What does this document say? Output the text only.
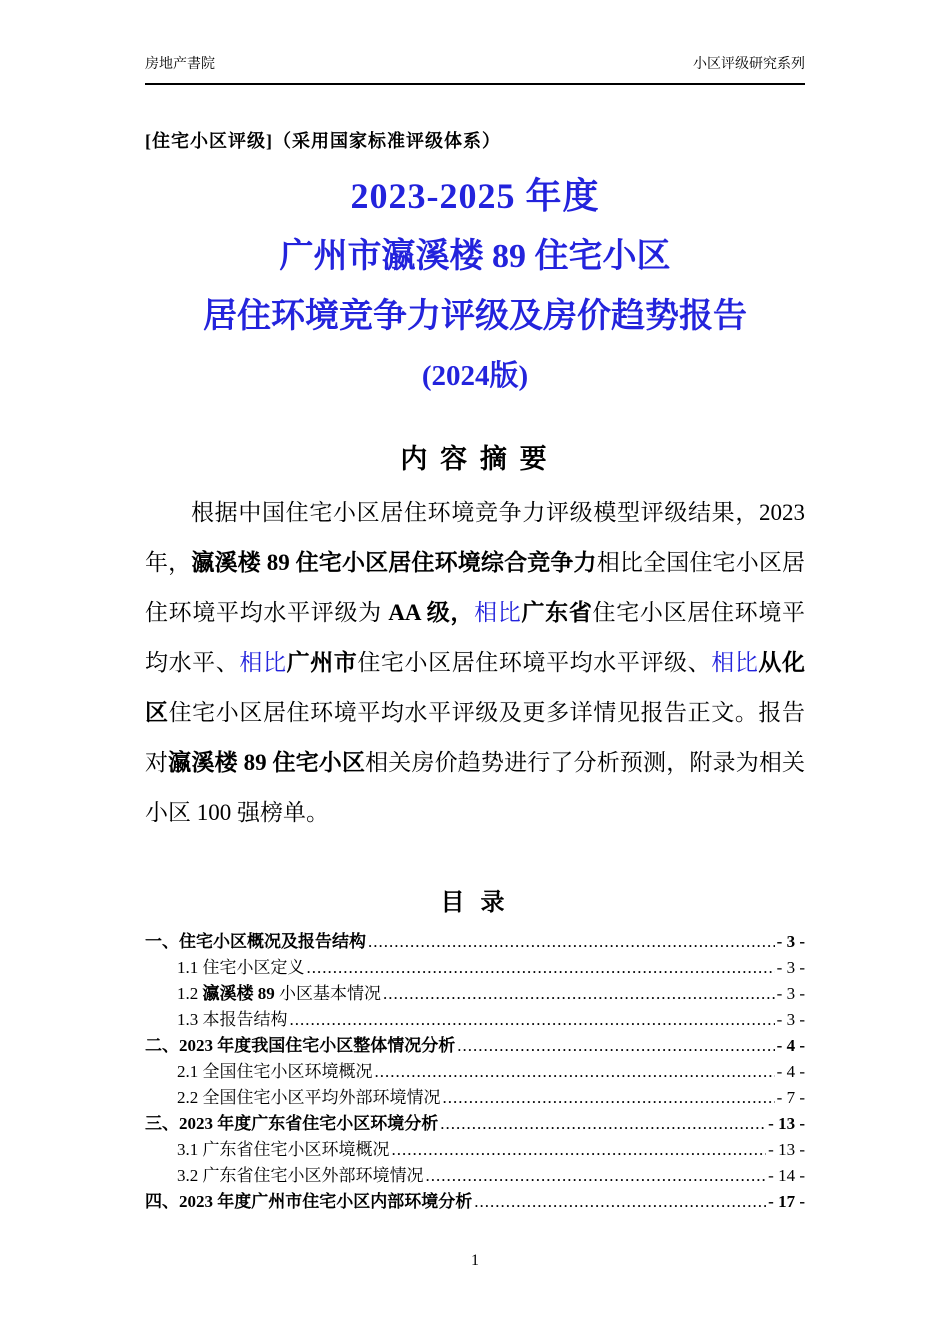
房地产書院	小区评级研究系列
[住宅小区评级]（采用国家标准评级体系）
2023-2025 年度
广州市瀛溪楼 89 住宅小区
居住环境竞争力评级及房价趋势报告
(2024版)
内 容 摘 要

根据中国住宅小区居住环境竞争力评级模型评级结果，2023 年，瀛溪楼 89 住宅小区居住环境综合竞争力相比全国住宅小区居住环境平均水平评级为 AA 级，相比广东省住宅小区居住环境平均水平、相比广州市住宅小区居住环境平均水平评级、相比从化区住宅小区居住环境平均水平评级及更多详情见报告正文。报告对瀛溪楼 89 住宅小区相关房价趋势进行了分析预测，附录为相关小区 100 强榜单。

目 录
一、住宅小区概况及报告结构 .....	- 3 -
1.1 住宅小区定义 .....	- 3 -
1.2 瀛溪楼 89 小区基本情况 .....	- 3 -
1.3 本报告结构 .....	- 3 -
二、2023 年度我国住宅小区整体情况分析 .....	- 4 -
2.1 全国住宅小区环境概况 .....	- 4 -
2.2 全国住宅小区平均外部环境情况 .....	- 7 -
三、2023 年度广东省住宅小区环境分析 .....	- 13 -
3.1 广东省住宅小区环境概况 .....	- 13 -
3.2 广东省住宅小区外部环境情况 .....	- 14 -
四、2023 年度广州市住宅小区内部环境分析 .....	- 17 -
1
